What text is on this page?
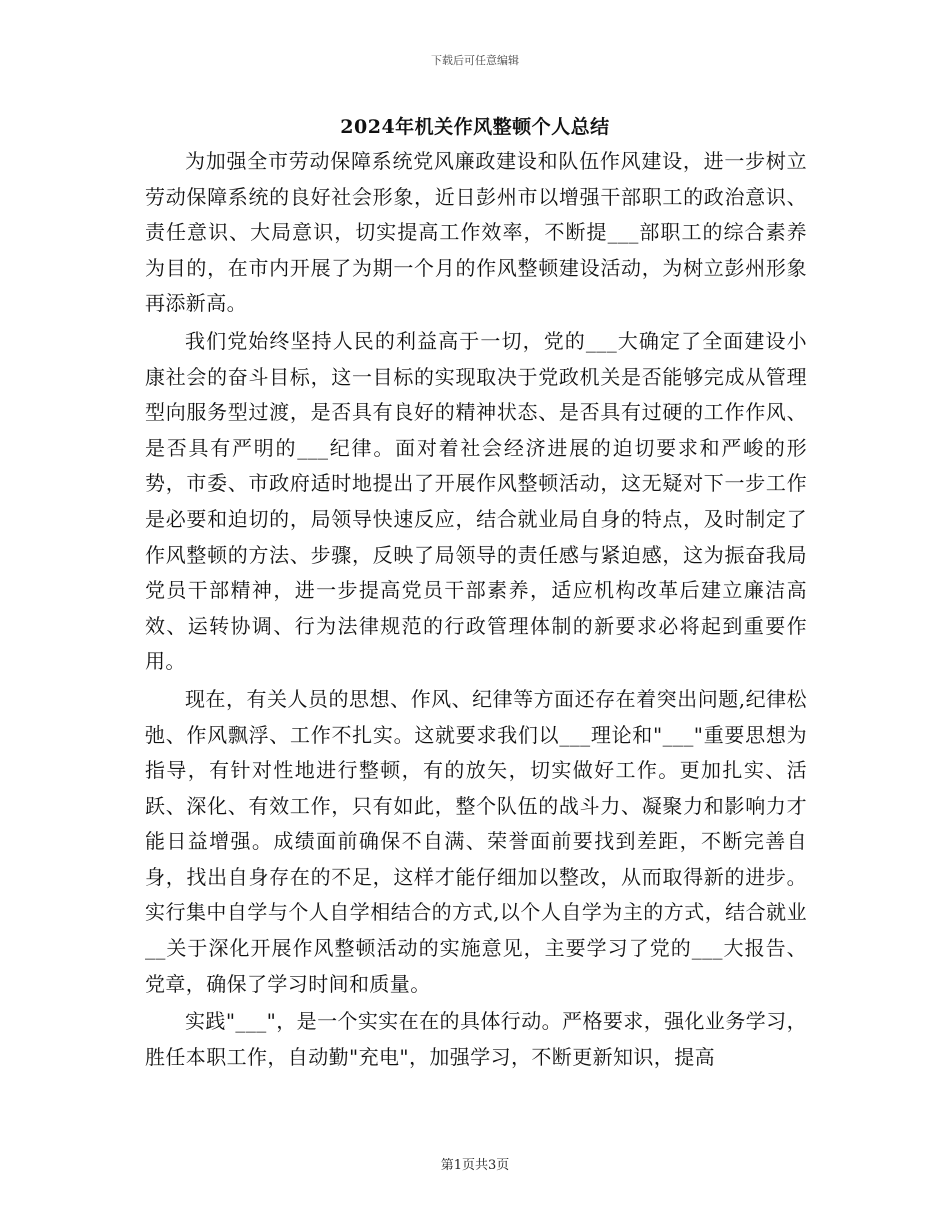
下载后可任意编辑
2024年机关作风整顿个人总结

为加强全市劳动保障系统党风廉政建设和队伍作风建设，进一步树立劳动保障系统的良好社会形象，近日彭州市以增强干部职工的政治意识、责任意识、大局意识，切实提高工作效率，不断提___部职工的综合素养为目的，在市内开展了为期一个月的作风整顿建设活动，为树立彭州形象再添新高。

我们党始终坚持人民的利益高于一切，党的___大确定了全面建设小康社会的奋斗目标，这一目标的实现取决于党政机关是否能够完成从管理型向服务型过渡，是否具有良好的精神状态、是否具有过硬的工作作风、是否具有严明的___纪律。面对着社会经济进展的迫切要求和严峻的形势，市委、市政府适时地提出了开展作风整顿活动，这无疑对下一步工作是必要和迫切的，局领导快速反应，结合就业局自身的特点，及时制定了作风整顿的方法、步骤，反映了局领导的责任感与紧迫感，这为振奋我局党员干部精神，进一步提高党员干部素养，适应机构改革后建立廉洁高效、运转协调、行为法律规范的行政管理体制的新要求必将起到重要作用。

现在，有关人员的思想、作风、纪律等方面还存在着突出问题,纪律松弛、作风飘浮、工作不扎实。这就要求我们以___理论和"___"重要思想为指导，有针对性地进行整顿，有的放矢，切实做好工作。更加扎实、活跃、深化、有效工作，只有如此，整个队伍的战斗力、凝聚力和影响力才能日益增强。成绩面前确保不自满、荣誉面前要找到差距，不断完善自身，找出自身存在的不足，这样才能仔细加以整改，从而取得新的进步。实行集中自学与个人自学相结合的方式,以个人自学为主的方式，结合就业__关于深化开展作风整顿活动的实施意见，主要学习了党的___大报告、党章，确保了学习时间和质量。

实践"___"，是一个实实在在的具体行动。严格要求，强化业务学习，胜任本职工作，自动勤"充电"，加强学习，不断更新知识，提高

第1页共3页
